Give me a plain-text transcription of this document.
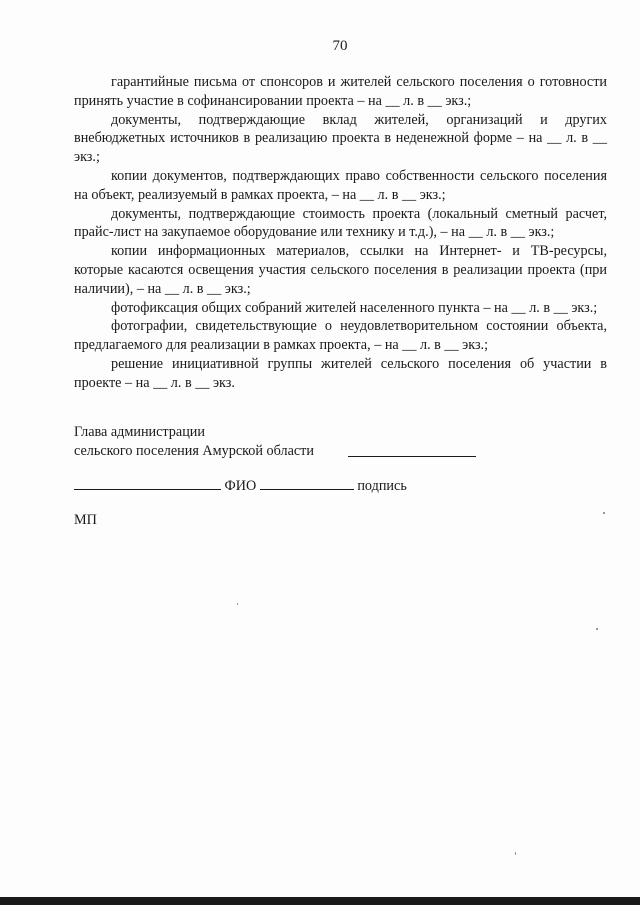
70

гарантийные письма от спонсоров и жителей сельского поселения о готовности принять участие в софинансировании проекта – на __ л. в __ экз.;

документы, подтверждающие вклад жителей, организаций и других внебюджетных источников в реализацию проекта в неденежной форме – на __ л. в __ экз.;

копии документов, подтверждающих право собственности сельского поселения на объект, реализуемый в рамках проекта, – на __ л. в __ экз.;

документы, подтверждающие стоимость проекта (локальный сметный расчет, прайс-лист на закупаемое оборудование или технику и т.д.), – на __ л. в __ экз.;

копии информационных материалов, ссылки на Интернет- и ТВ-ресурсы, которые касаются освещения участия сельского поселения в реализации проекта (при наличии), – на __ л. в __ экз.;

фотофиксация общих собраний жителей населенного пункта – на __ л. в __ экз.;

фотографии, свидетельствующие о неудовлетворительном состоянии объекта, предлагаемого для реализации в рамках проекта, – на __ л. в __ экз.;

решение инициативной группы жителей сельского поселения об участии в проекте – на __ л. в __ экз.

Глава администрации
сельского поселения Амурской области
ФИО	подпись
МП
